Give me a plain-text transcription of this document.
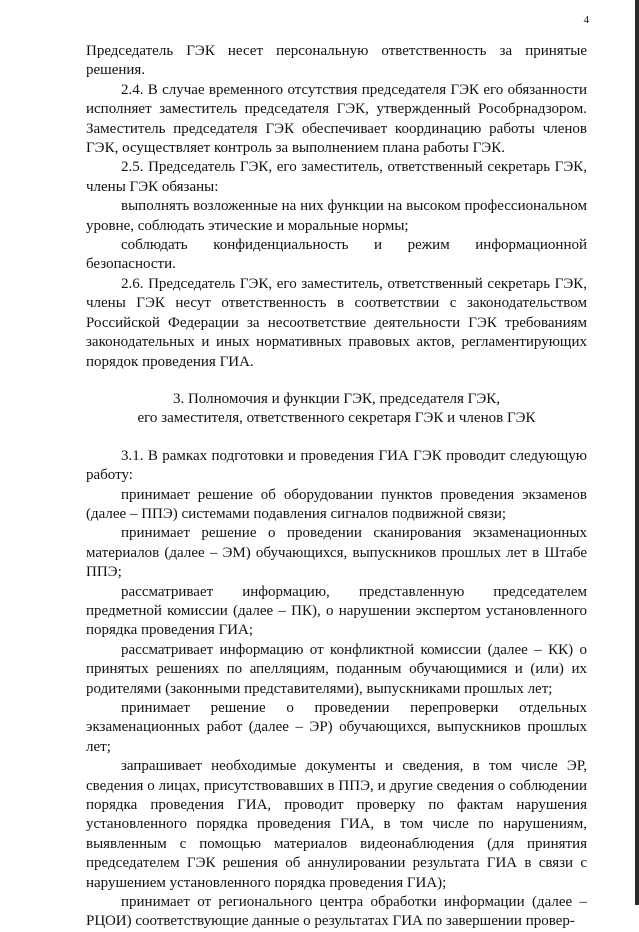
4

Председатель ГЭК несет персональную ответственность за принятые решения.

2.4. В случае временного отсутствия председателя ГЭК его обязанности исполняет заместитель председателя ГЭК, утвержденный Рособрнадзором. Заместитель председателя ГЭК обеспечивает координацию работы членов ГЭК, осуществляет контроль за выполнением плана работы ГЭК.

2.5. Председатель ГЭК, его заместитель, ответственный секретарь ГЭК, члены ГЭК обязаны:

выполнять возложенные на них функции на высоком профессиональном уровне, соблюдать этические и моральные нормы;

соблюдать конфиденциальность и режим информационной безопасности.

2.6. Председатель ГЭК, его заместитель, ответственный секретарь ГЭК, члены ГЭК несут ответственность в соответствии с законодательством Российской Федерации за несоответствие деятельности ГЭК требованиям законодательных и иных нормативных правовых актов, регламентирующих порядок проведения ГИА.

3. Полномочия и функции ГЭК, председателя ГЭК,
его заместителя, ответственного секретаря ГЭК и членов ГЭК

3.1. В рамках подготовки и проведения ГИА ГЭК проводит следующую работу:

принимает решение об оборудовании пунктов проведения экзаменов (далее – ППЭ) системами подавления сигналов подвижной связи;

принимает решение о проведении сканирования экзаменационных материалов (далее – ЭМ) обучающихся, выпускников прошлых лет в Штабе ППЭ;

рассматривает информацию, представленную председателем предметной комиссии (далее – ПК), о нарушении экспертом установленного порядка проведения ГИА;

рассматривает информацию от конфликтной комиссии (далее – КК) о принятых решениях по апелляциям, поданным обучающимися и (или) их родителями (законными представителями), выпускниками прошлых лет;

принимает решение о проведении перепроверки отдельных экзаменационных работ (далее – ЭР) обучающихся, выпускников прошлых лет;

запрашивает необходимые документы и сведения, в том числе ЭР, сведения о лицах, присутствовавших в ППЭ, и другие сведения о соблюдении порядка проведения ГИА, проводит проверку по фактам нарушения установленного порядка проведения ГИА, в том числе по нарушениям, выявленным с помощью материалов видеонаблюдения (для принятия председателем ГЭК решения об аннулировании результата ГИА в связи с нарушением установленного порядка проведения ГИА);

принимает от регионального центра обработки информации (далее – РЦОИ) соответствующие данные о результатах ГИА по завершении провер-
